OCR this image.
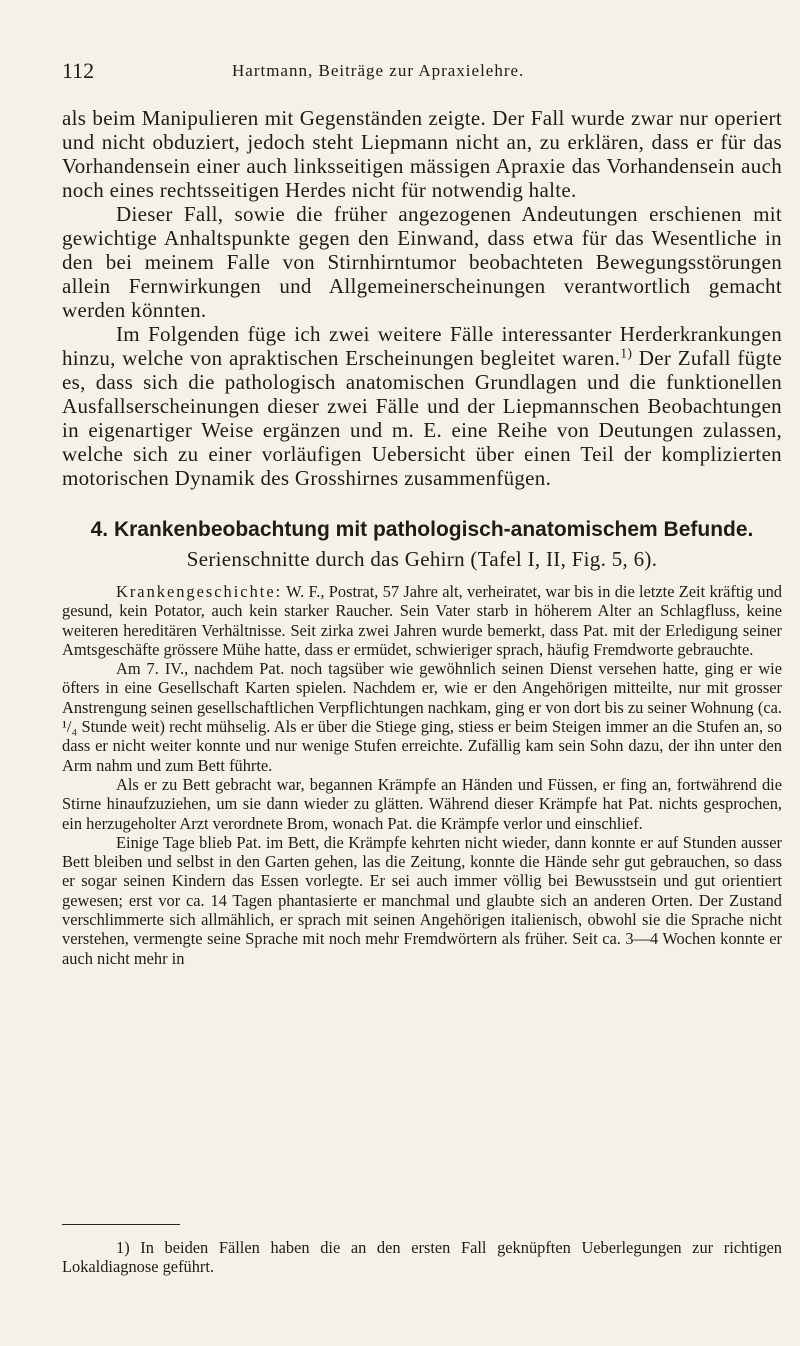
112	Hartmann, Beiträge zur Apraxielehre.

als beim Manipulieren mit Gegenständen zeigte. Der Fall wurde zwar nur operiert und nicht obduziert, jedoch steht Liepmann nicht an, zu erklären, dass er für das Vorhandensein einer auch linksseitigen mässigen Apraxie das Vorhandensein auch noch eines rechtsseitigen Herdes nicht für notwendig halte.

Dieser Fall, sowie die früher angezogenen Andeutungen erschienen mit gewichtige Anhaltspunkte gegen den Einwand, dass etwa für das Wesentliche in den bei meinem Falle von Stirnhirntumor beobachteten Bewegungsstörungen allein Fernwirkungen und Allgemeinerscheinungen verantwortlich gemacht werden könnten.

Im Folgenden füge ich zwei weitere Fälle interessanter Herderkrankungen hinzu, welche von apraktischen Erscheinungen begleitet waren.$^{1)}$ Der Zufall fügte es, dass sich die pathologisch anatomischen Grundlagen und die funktionellen Ausfallserscheinungen dieser zwei Fälle und der Liepmannschen Beobachtungen in eigenartiger Weise ergänzen und m. E. eine Reihe von Deutungen zulassen, welche sich zu einer vorläufigen Uebersicht über einen Teil der komplizierten motorischen Dynamik des Grosshirnes zusammenfügen.

4. Krankenbeobachtung mit pathologisch-anatomischem Befunde.
Serienschnitte durch das Gehirn (Tafel I, II, Fig. 5, 6).

Krankengeschichte: W. F., Postrat, 57 Jahre alt, verheiratet, war bis in die letzte Zeit kräftig und gesund, kein Potator, auch kein starker Raucher. Sein Vater starb in höherem Alter an Schlagfluss, keine weiteren hereditären Verhältnisse. Seit zirka zwei Jahren wurde bemerkt, dass Pat. mit der Erledigung seiner Amtsgeschäfte grössere Mühe hatte, dass er ermüdet, schwieriger sprach, häufig Fremdworte gebrauchte.

Am 7. IV., nachdem Pat. noch tagsüber wie gewöhnlich seinen Dienst versehen hatte, ging er wie öfters in eine Gesellschaft Karten spielen. Nachdem er, wie er den Angehörigen mitteilte, nur mit grosser Anstrengung seinen gesellschaftlichen Verpflichtungen nachkam, ging er von dort bis zu seiner Wohnung (ca. ¹/₄ Stunde weit) recht mühselig. Als er über die Stiege ging, stiess er beim Steigen immer an die Stufen an, so dass er nicht weiter konnte und nur wenige Stufen erreichte. Zufällig kam sein Sohn dazu, der ihn unter den Arm nahm und zum Bett führte.

Als er zu Bett gebracht war, begannen Krämpfe an Händen und Füssen, er fing an, fortwährend die Stirne hinaufzuziehen, um sie dann wieder zu glätten. Während dieser Krämpfe hat Pat. nichts gesprochen, ein herzugeholter Arzt verordnete Brom, wonach Pat. die Krämpfe verlor und einschlief.

Einige Tage blieb Pat. im Bett, die Krämpfe kehrten nicht wieder, dann konnte er auf Stunden ausser Bett bleiben und selbst in den Garten gehen, las die Zeitung, konnte die Hände sehr gut gebrauchen, so dass er sogar seinen Kindern das Essen vorlegte. Er sei auch immer völlig bei Bewusstsein und gut orientiert gewesen; erst vor ca. 14 Tagen phantasierte er manchmal und glaubte sich an anderen Orten. Der Zustand verschlimmerte sich allmählich, er sprach mit seinen Angehörigen italienisch, obwohl sie die Sprache nicht verstehen, vermengte seine Sprache mit noch mehr Fremdwörtern als früher. Seit ca. 3—4 Wochen konnte er auch nicht mehr in

1) In beiden Fällen haben die an den ersten Fall geknüpften Ueberlegungen zur richtigen Lokaldiagnose geführt.
